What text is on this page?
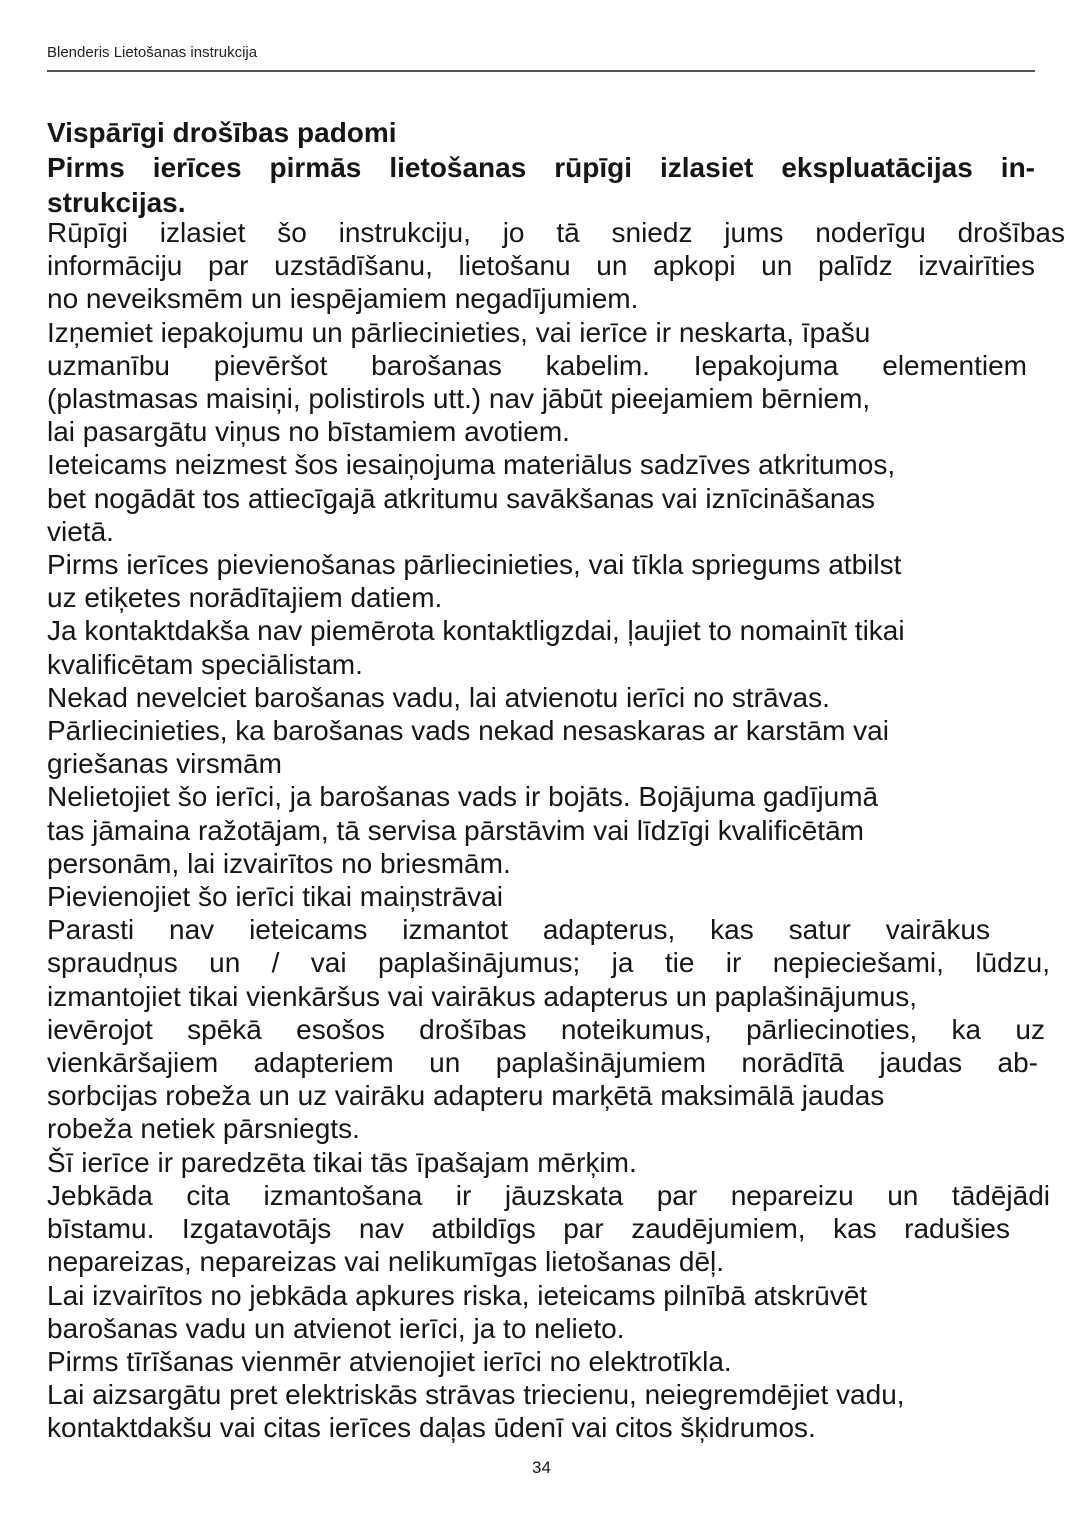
Blenderis Lietošanas instrukcija
Vispārīgi drošības padomi
Pirms ierīces pirmās lietošanas rūpīgi izlasiet ekspluatācijas in-
strukcijas.
Rūpīgi izlasiet šo instrukciju, jo tā sniedz jums noderīgu drošības
informāciju par uzstādīšanu, lietošanu un apkopi un palīdz izvairīties
no neveiksmēm un iespējamiem negadījumiem.
Izņemiet iepakojumu un pārliecinieties, vai ierīce ir neskarta, īpašu
uzmanību pievēršot barošanas kabelim. Iepakojuma elementiem
(plastmasas maisiņi, polistirols utt.) nav jābūt pieejamiem bērniem,
lai pasargātu viņus no bīstamiem avotiem.
Ieteicams neizmest šos iesaiņojuma materiālus sadzīves atkritumos,
bet nogādāt tos attiecīgajā atkritumu savākšanas vai iznīcināšanas
vietā.
Pirms ierīces pievienošanas pārliecinieties, vai tīkla spriegums atbilst
uz etiķetes norādītajiem datiem.
Ja kontaktdakša nav piemērota kontaktligzdai, ļaujiet to nomainīt tikai
kvalificētam speciālistam.
Nekad nevelciet barošanas vadu, lai atvienotu ierīci no strāvas.
Pārliecinieties, ka barošanas vads nekad nesaskaras ar karstām vai
griešanas virsmām
Nelietojiet šo ierīci, ja barošanas vads ir bojāts. Bojājuma gadījumā
tas jāmaina ražotājam, tā servisa pārstāvim vai līdzīgi kvalificētām
personām, lai izvairītos no briesmām.
Pievienojiet šo ierīci tikai maiņstrāvai
Parasti nav ieteicams izmantot adapterus, kas satur vairākus
spraudņus un / vai paplašinājumus; ja tie ir nepieciešami, lūdzu,
izmantojiet tikai vienkāršus vai vairākus adapterus un paplašinājumus,
ievērojot spēkā esošos drošības noteikumus, pārliecinoties, ka uz
vienkāršajiem adapteriem un paplašinājumiem norādītā jaudas ab-
sorbcijas robeža un uz vairāku adapteru marķētā maksimālā jaudas
robeža netiek pārsniegts.
Šī ierīce ir paredzēta tikai tās īpašajam mērķim.
Jebkāda cita izmantošana ir jāuzskata par nepareizu un tādējādi
bīstamu. Izgatavotājs nav atbildīgs par zaudējumiem, kas radušies
nepareizas, nepareizas vai nelikumīgas lietošanas dēļ.
Lai izvairītos no jebkāda apkures riska, ieteicams pilnībā atskrūvēt
barošanas vadu un atvienot ierīci, ja to nelieto.
Pirms tīrīšanas vienmēr atvienojiet ierīci no elektrotīkla.
Lai aizsargātu pret elektriskās strāvas triecienu, neiegremdējiet vadu,
kontaktdakšu vai citas ierīces daļas ūdenī vai citos šķidrumos.
34
